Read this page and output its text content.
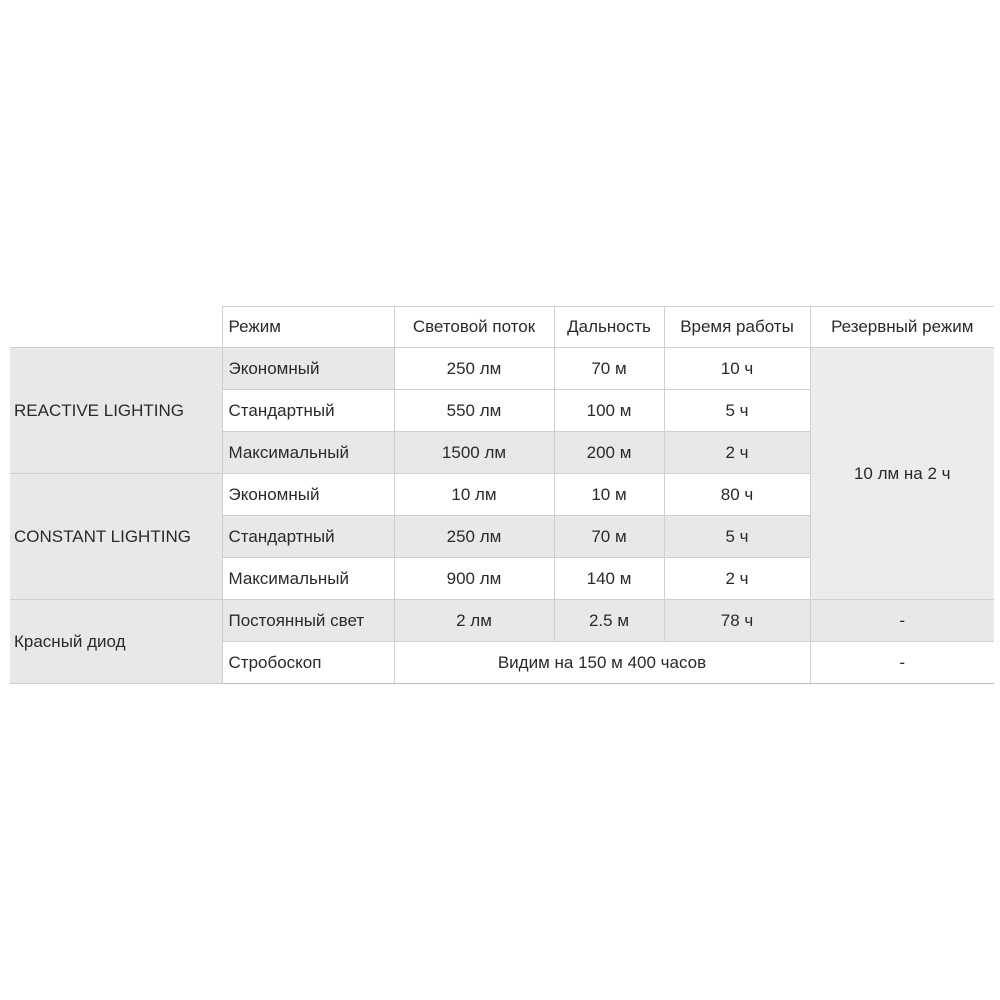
	Режим	Световой поток	Дальность	Время работы	Резервный режим
REACTIVE LIGHTING	Экономный	250 лм	70 м	10 ч	10 лм на 2 ч
	Стандартный	550 лм	100 м	5 ч	
	Максимальный	1500 лм	200 м	2 ч	
CONSTANT LIGHTING	Экономный	10 лм	10 м	80 ч	
	Стандартный	250 лм	70 м	5 ч	
	Максимальный	900 лм	140 м	2 ч	
Красный диод	Постоянный свет	2 лм	2.5 м	78 ч	-
	Стробоскоп	Видим на 150 м 400 часов			-
